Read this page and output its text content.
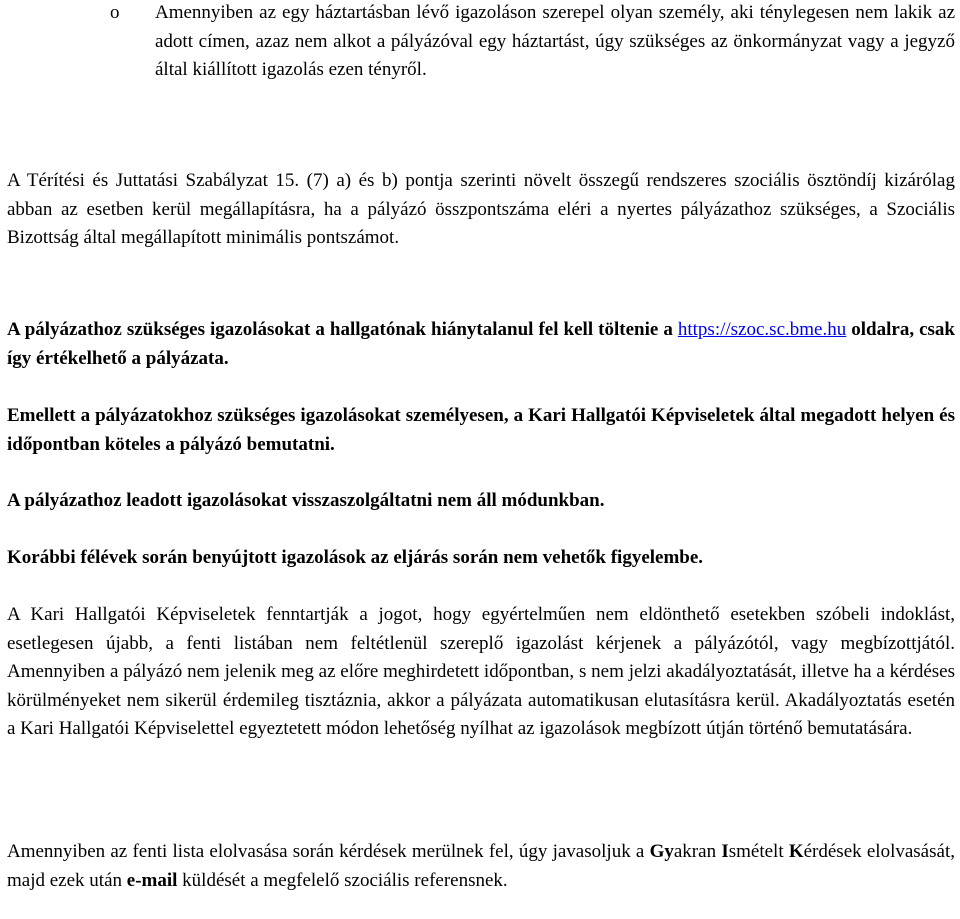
o Amennyiben az egy háztartásban lévő igazoláson szerepel olyan személy, aki ténylegesen nem lakik az adott címen, azaz nem alkot a pályázóval egy háztartást, úgy szükséges az önkormányzat vagy a jegyző által kiállított igazolás ezen tényről.

A Térítési és Juttatási Szabályzat 15. (7) a) és b) pontja szerinti növelt összegű rendszeres szociális ösztöndíj kizárólag abban az esetben kerül megállapításra, ha a pályázó összpontszáma eléri a nyertes pályázathoz szükséges, a Szociális Bizottság által megállapított minimális pontszámot.

A pályázathoz szükséges igazolásokat a hallgatónak hiánytalanul fel kell töltenie a https://szoc.sc.bme.hu oldalra, csak így értékelhető a pályázata.

Emellett a pályázatokhoz szükséges igazolásokat személyesen, a Kari Hallgatói Képviseletek által megadott helyen és időpontban köteles a pályázó bemutatni.

A pályázathoz leadott igazolásokat visszaszolgáltatni nem áll módunkban.

Korábbi félévek során benyújtott igazolások az eljárás során nem vehetők figyelembe.

A Kari Hallgatói Képviseletek fenntartják a jogot, hogy egyértelműen nem eldönthető esetekben szóbeli indoklást, esetlegesen újabb, a fenti listában nem feltétlenül szereplő igazolást kérjenek a pályázótól, vagy megbízottjától. Amennyiben a pályázó nem jelenik meg az előre meghirdetett időpontban, s nem jelzi akadályoztatását, illetve ha a kérdéses körülményeket nem sikerül érdemileg tisztáznia, akkor a pályázata automatikusan elutasításra kerül. Akadályoztatás esetén a Kari Hallgatói Képviselettel egyeztetett módon lehetőség nyílhat az igazolások megbízott útján történő bemutatására.

Amennyiben az fenti lista elolvasása során kérdések merülnek fel, úgy javasoljuk a Gyakran Ismételt Kérdések elolvasását, majd ezek után e-mail küldését a megfelelő szociális referensnek.
